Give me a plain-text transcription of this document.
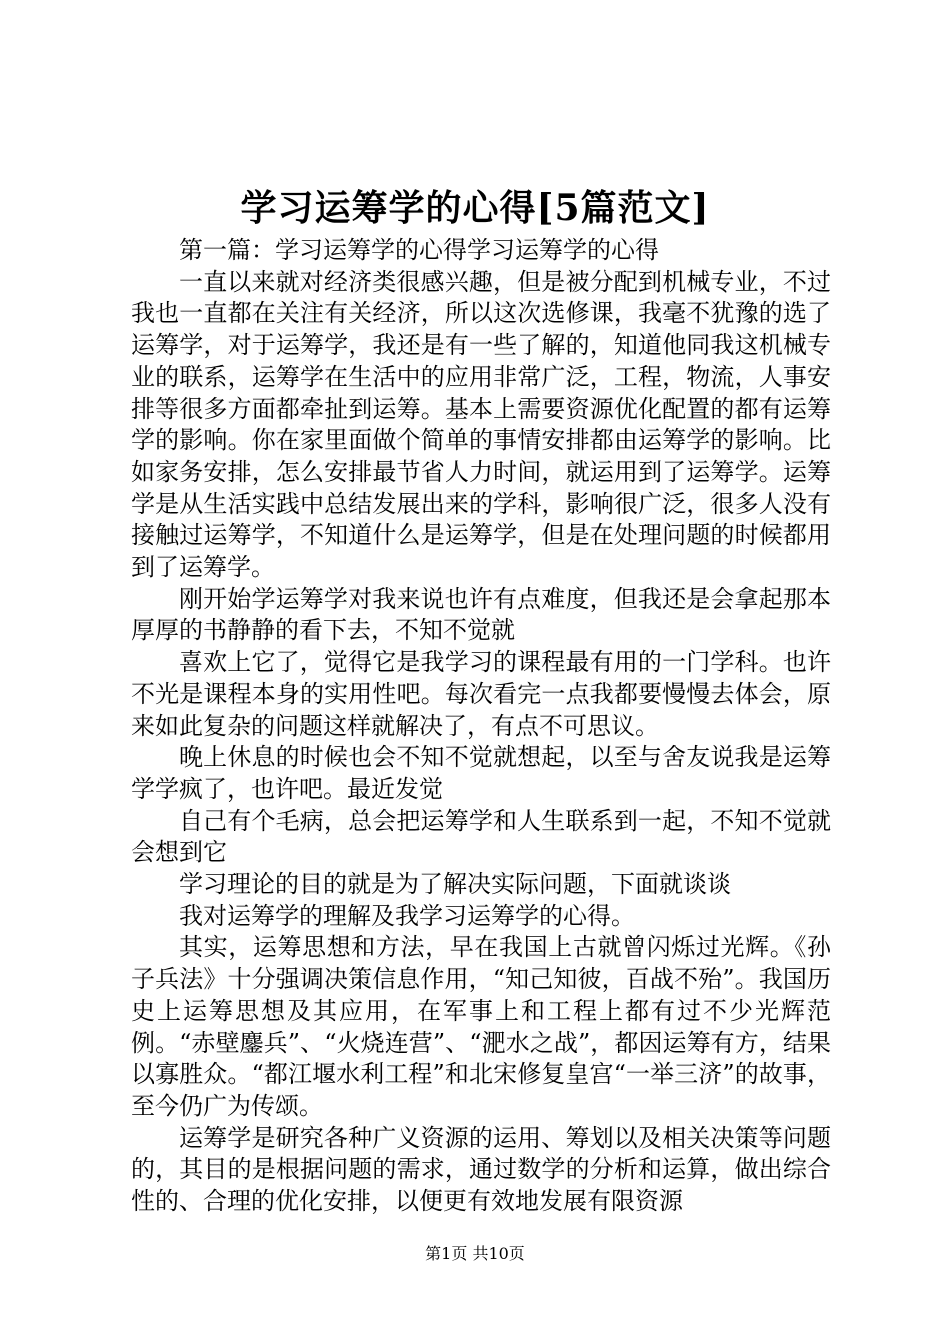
学习运筹学的心得[5篇范文]

第一篇：学习运筹学的心得学习运筹学的心得

一直以来就对经济类很感兴趣，但是被分配到机械专业，不过我也一直都在关注有关经济，所以这次选修课，我毫不犹豫的选了运筹学，对于运筹学，我还是有一些了解的，知道他同我这机械专业的联系，运筹学在生活中的应用非常广泛，工程，物流，人事安排等很多方面都牵扯到运筹。基本上需要资源优化配置的都有运筹学的影响。你在家里面做个简单的事情安排都由运筹学的影响。比如家务安排，怎么安排最节省人力时间，就运用到了运筹学。运筹学是从生活实践中总结发展出来的学科，影响很广泛，很多人没有接触过运筹学，不知道什么是运筹学，但是在处理问题的时候都用到了运筹学。

刚开始学运筹学对我来说也许有点难度，但我还是会拿起那本厚厚的书静静的看下去，不知不觉就

喜欢上它了，觉得它是我学习的课程最有用的一门学科。也许不光是课程本身的实用性吧。每次看完一点我都要慢慢去体会，原来如此复杂的问题这样就解决了，有点不可思议。

晚上休息的时候也会不知不觉就想起，以至与舍友说我是运筹学学疯了，也许吧。最近发觉

自己有个毛病，总会把运筹学和人生联系到一起，不知不觉就会想到它

学习理论的目的就是为了解决实际问题，下面就谈谈

我对运筹学的理解及我学习运筹学的心得。

其实，运筹思想和方法，早在我国上古就曾闪烁过光辉。《孙子兵法》十分强调决策信息作用，“知己知彼，百战不殆”。我国历史上运筹思想及其应用，在军事上和工程上都有过不少光辉范例。“赤壁鏖兵”、“火烧连营”、“淝水之战”，都因运筹有方，结果以寡胜众。“都江堰水利工程”和北宋修复皇宫“一举三济”的故事，至今仍广为传颂。

运筹学是研究各种广义资源的运用、筹划以及相关决策等问题的，其目的是根据问题的需求，通过数学的分析和运算，做出综合性的、合理的优化安排，以便更有效地发展有限资源

第1页 共10页
